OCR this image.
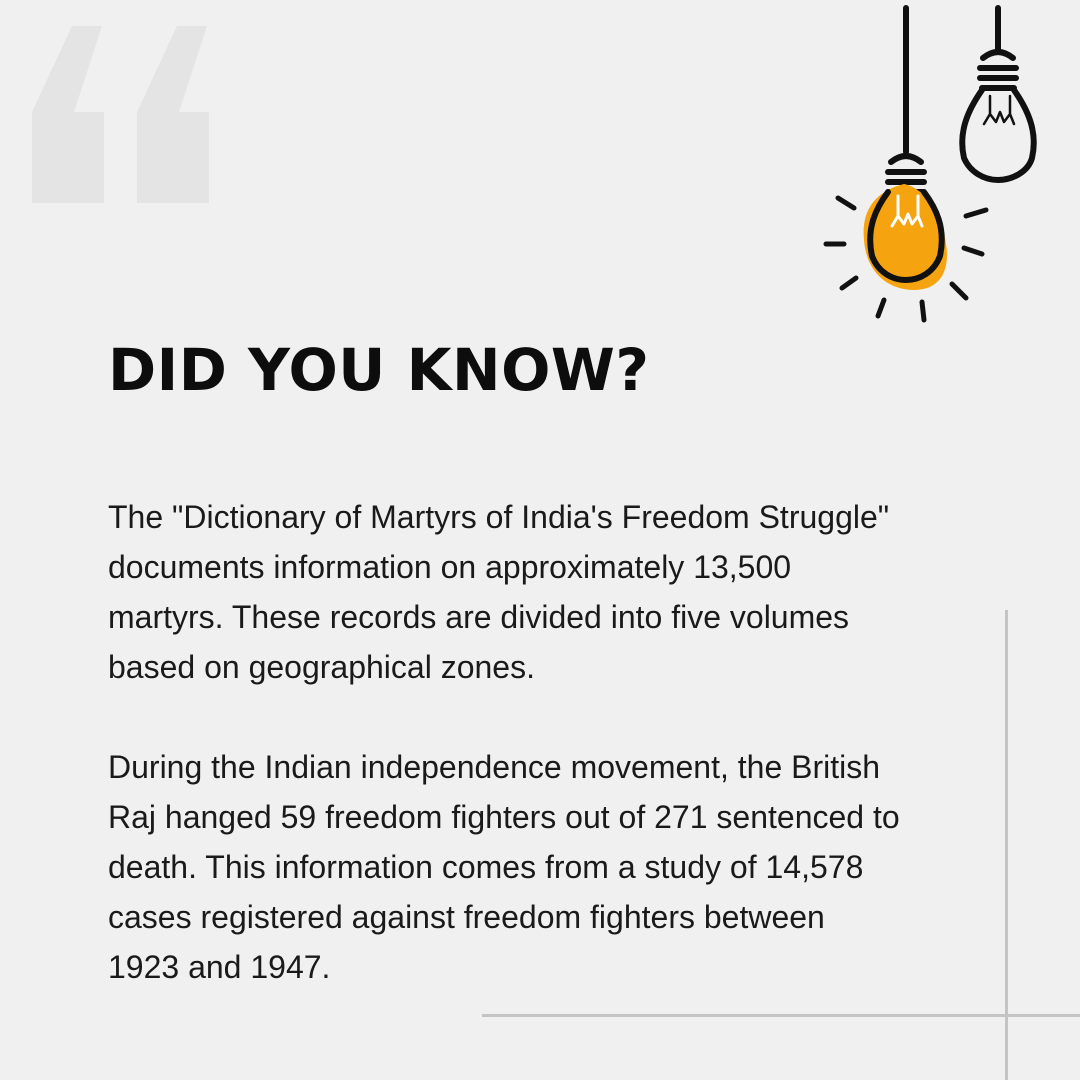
DID YOU KNOW?

The "Dictionary of Martyrs of India's Freedom Struggle"
documents information on approximately 13,500
martyrs. These records are divided into five volumes
based on geographical zones.

During the Indian independence movement, the British
Raj hanged 59 freedom fighters out of 271 sentenced to
death. This information comes from a study of 14,578
cases registered against freedom fighters between
1923 and 1947.
